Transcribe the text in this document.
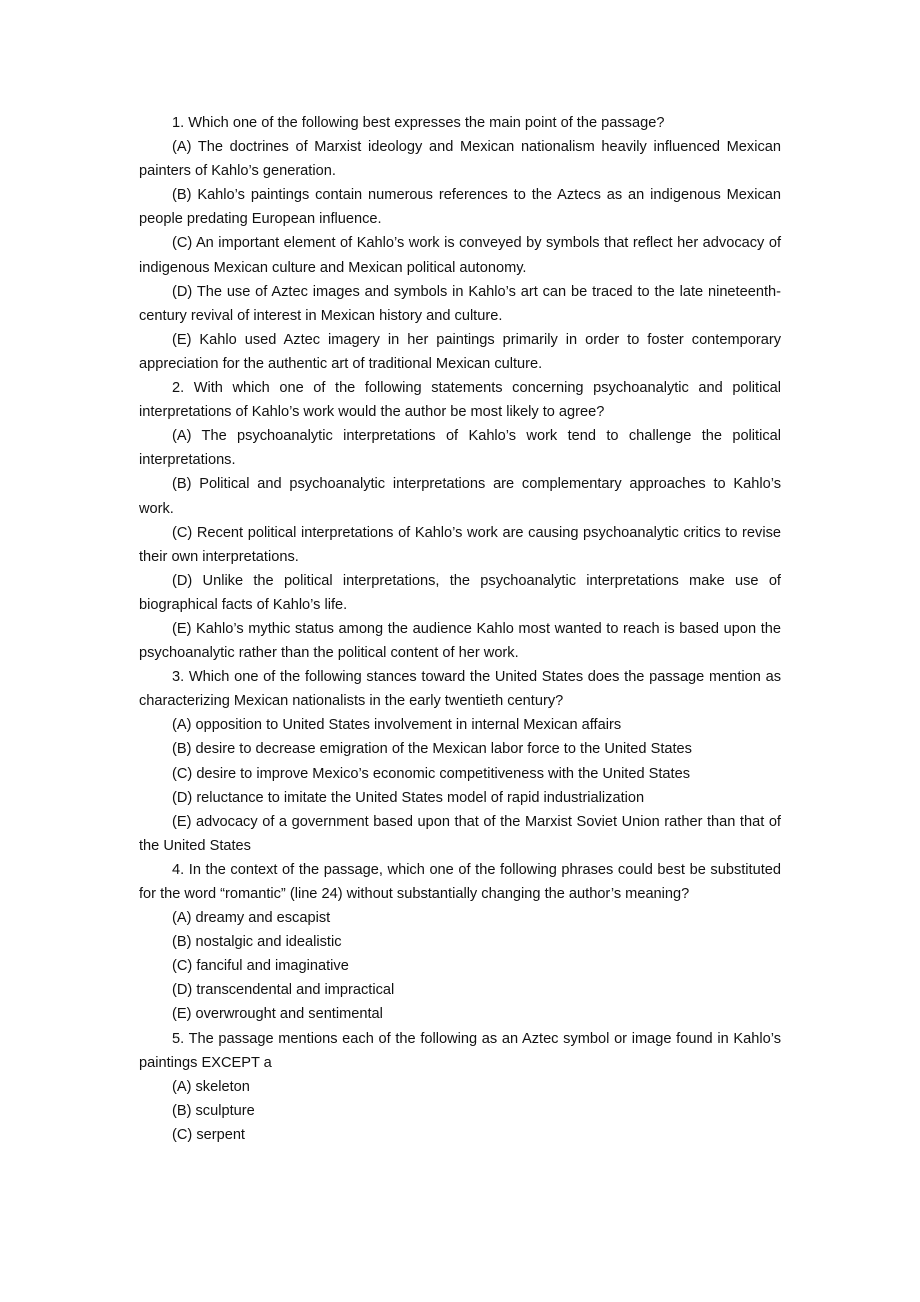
1. Which one of the following best expresses the main point of the passage?

(A) The doctrines of Marxist ideology and Mexican nationalism heavily influenced Mexican painters of Kahlo’s generation.

(B) Kahlo’s paintings contain numerous references to the Aztecs as an indigenous Mexican people predating European influence.

(C) An important element of Kahlo’s work is conveyed by symbols that reflect her advocacy of indigenous Mexican culture and Mexican political autonomy.

(D) The use of Aztec images and symbols in Kahlo’s art can be traced to the late nineteenth-century revival of interest in Mexican history and culture.

(E) Kahlo used Aztec imagery in her paintings primarily in order to foster contemporary appreciation for the authentic art of traditional Mexican culture.

2. With which one of the following statements concerning psychoanalytic and political interpretations of Kahlo’s work would the author be most likely to agree?

(A) The psychoanalytic interpretations of Kahlo’s work tend to challenge the political interpretations.

(B) Political and psychoanalytic interpretations are complementary approaches to Kahlo’s work.

(C) Recent political interpretations of Kahlo’s work are causing psychoanalytic critics to revise their own interpretations.

(D) Unlike the political interpretations, the psychoanalytic interpretations make use of biographical facts of Kahlo’s life.

(E) Kahlo’s mythic status among the audience Kahlo most wanted to reach is based upon the psychoanalytic rather than the political content of her work.

3. Which one of the following stances toward the United States does the passage mention as characterizing Mexican nationalists in the early twentieth century?

(A) opposition to United States involvement in internal Mexican affairs

(B) desire to decrease emigration of the Mexican labor force to the United States

(C) desire to improve Mexico’s economic competitiveness with the United States

(D) reluctance to imitate the United States model of rapid industrialization

(E) advocacy of a government based upon that of the Marxist Soviet Union rather than that of the United States

4. In the context of the passage, which one of the following phrases could best be substituted for the word “romantic” (line 24) without substantially changing the author’s meaning?

(A) dreamy and escapist

(B) nostalgic and idealistic

(C) fanciful and imaginative

(D) transcendental and impractical

(E) overwrought and sentimental

5. The passage mentions each of the following as an Aztec symbol or image found in Kahlo’s paintings EXCEPT a

(A) skeleton

(B) sculpture

(C) serpent
